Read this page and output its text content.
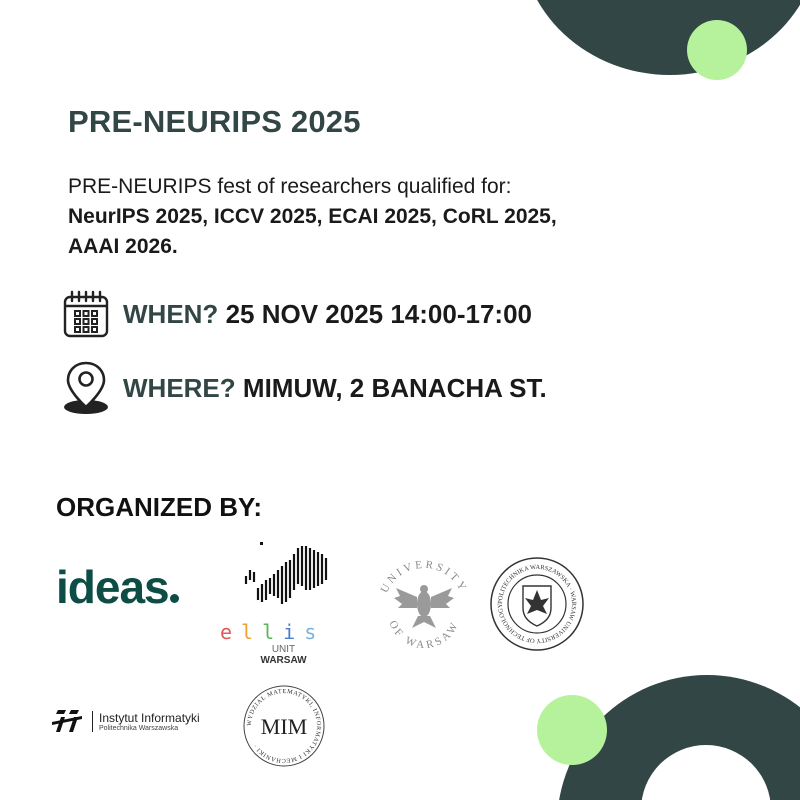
PRE-NEURIPS 2025

PRE-NEURIPS fest of researchers qualified for: NeurIPS 2025, ICCV 2025, ECAI 2025, CoRL 2025, AAAI 2026.

WHEN? 25 NOV 2025 14:00-17:00
WHERE? MIMUW, 2 BANACHA ST.
ORGANIZED BY:
ideas
ellis
UNIT
WARSAW
UNIVERSITY
OF WARSAW
POLITECHNIKA WARSZAWSKA · WARSAW UNIVERSITY OF TECHNOLOGY
Instytut Informatyki
Politechnika Warszawska
WYDZIAŁ MATEMATYKI, INFORMATYKI I MECHANIKI ·
MIM
